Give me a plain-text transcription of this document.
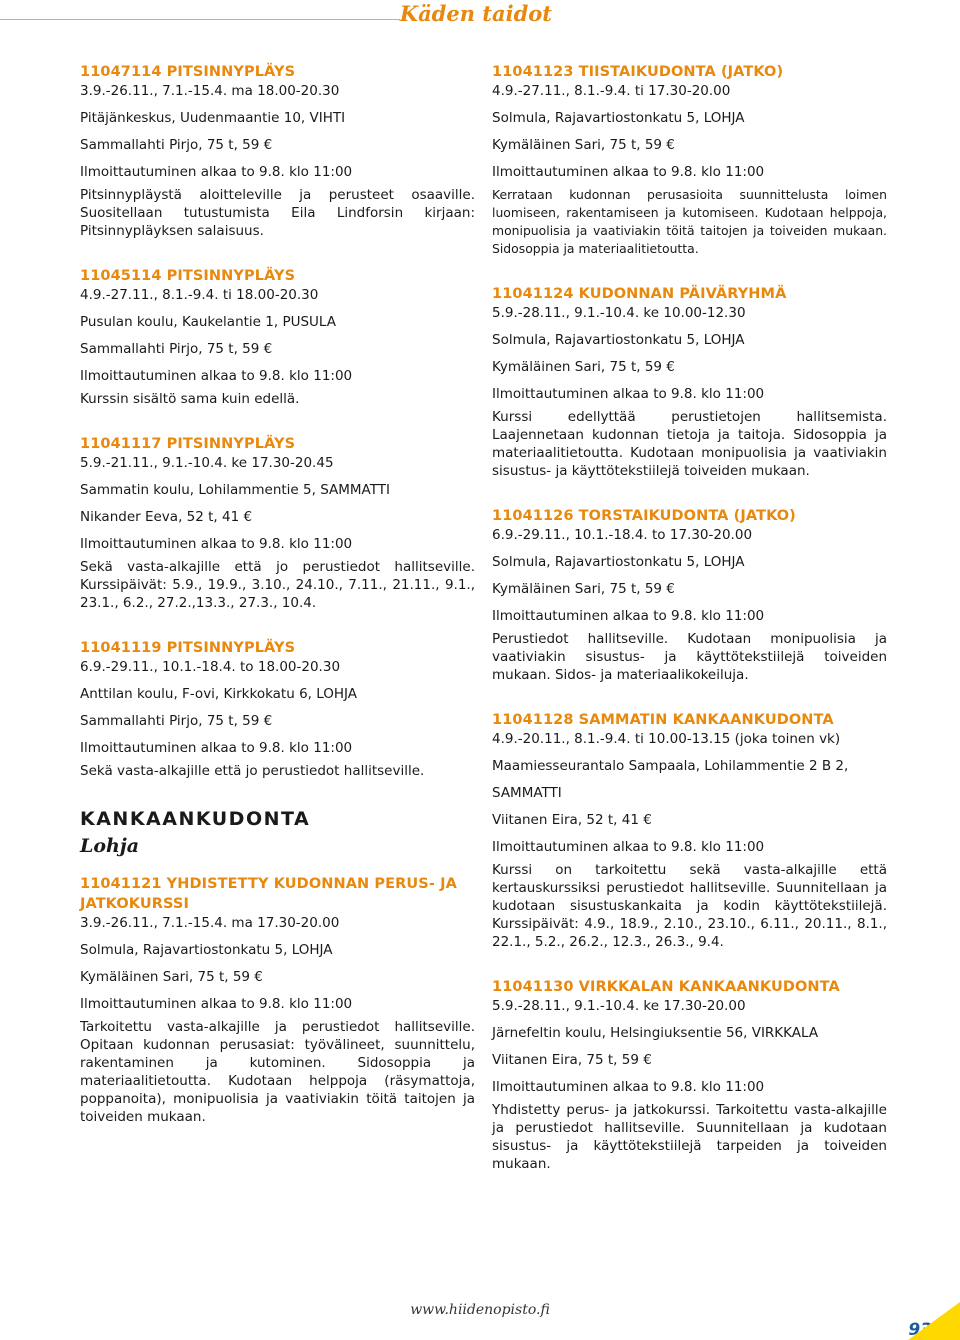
Käden taidot
11047114 PITSINNYPLÄYS
3.9.-26.11., 7.1.-15.4. ma 18.00-20.30
Pitäjänkeskus, Uudenmaantie 10, VIHTI
Sammallahti Pirjo, 75 t, 59 €
Ilmoittautuminen alkaa to 9.8. klo 11:00
Pitsinnypläystä aloitteleville ja perusteet osaaville. Suositellaan tutustumista Eila Lindforsin kirjaan: Pitsinnypläyksen salaisuus.
11045114 PITSINNYPLÄYS
4.9.-27.11., 8.1.-9.4. ti 18.00-20.30
Pusulan koulu, Kaukelantie 1, PUSULA
Sammallahti Pirjo, 75 t, 59 €
Ilmoittautuminen alkaa to 9.8. klo 11:00
Kurssin sisältö sama kuin edellä.
11041117 PITSINNYPLÄYS
5.9.-21.11., 9.1.-10.4. ke 17.30-20.45
Sammatin koulu, Lohilammentie 5, SAMMATTI
Nikander Eeva, 52 t, 41 €
Ilmoittautuminen alkaa to 9.8. klo 11:00
Sekä vasta-alkajille että jo perustiedot hallitseville. Kurssipäivät: 5.9., 19.9., 3.10., 24.10., 7.11., 21.11., 9.1., 23.1., 6.2., 27.2.,13.3., 27.3., 10.4.
11041119 PITSINNYPLÄYS
6.9.-29.11., 10.1.-18.4. to 18.00-20.30
Anttilan koulu, F-ovi, Kirkkokatu 6, LOHJA
Sammallahti Pirjo, 75 t, 59 €
Ilmoittautuminen alkaa to 9.8. klo 11:00
Sekä vasta-alkajille että jo perustiedot hallitseville.
KANKAANKUDONTA
Lohja
11041121 YHDISTETTY KUDONNAN PERUS- JA JATKOKURSSI
3.9.-26.11., 7.1.-15.4. ma 17.30-20.00
Solmula, Rajavartiostonkatu 5, LOHJA
Kymäläinen Sari, 75 t, 59 €
Ilmoittautuminen alkaa to 9.8. klo 11:00
Tarkoitettu vasta-alkajille ja perustiedot hallitseville. Opitaan kudonnan perusasiat: työvälineet, suunnittelu, rakentaminen ja kutominen. Sidosoppia ja materiaalitietoutta. Kudotaan helppoja (räsymattoja, poppanoita), monipuolisia ja vaativiakin töitä taitojen ja toiveiden mukaan.
11041123 TIISTAIKUDONTA (JATKO)
4.9.-27.11., 8.1.-9.4. ti 17.30-20.00
Solmula, Rajavartiostonkatu 5, LOHJA
Kymäläinen Sari, 75 t, 59 €
Ilmoittautuminen alkaa to 9.8. klo 11:00
Kerrataan kudonnan perusasioita suunnittelusta loimen luomiseen, rakentamiseen ja kutomiseen. Kudotaan helppoja, monipuolisia ja vaativiakin töitä taitojen ja toiveiden mukaan. Sidosoppia ja materiaalitietoutta.
11041124 KUDONNAN PÄIVÄRYHMÄ
5.9.-28.11., 9.1.-10.4. ke 10.00-12.30
Solmula, Rajavartiostonkatu 5, LOHJA
Kymäläinen Sari, 75 t, 59 €
Ilmoittautuminen alkaa to 9.8. klo 11:00
Kurssi edellyttää perustietojen hallitsemista. Laajennetaan kudonnan tietoja ja taitoja. Sidosoppia ja materiaalitietoutta. Kudotaan monipuolisia ja vaativiakin sisustus- ja käyttötekstiilejä toiveiden mukaan.
11041126 TORSTAIKUDONTA (JATKO)
6.9.-29.11., 10.1.-18.4. to 17.30-20.00
Solmula, Rajavartiostonkatu 5, LOHJA
Kymäläinen Sari, 75 t, 59 €
Ilmoittautuminen alkaa to 9.8. klo 11:00
Perustiedot hallitseville. Kudotaan monipuolisia ja vaativiakin sisustus- ja käyttötekstiilejä toiveiden mukaan. Sidos- ja materiaalikokeiluja.
11041128 SAMMATIN KANKAANKUDONTA
4.9.-20.11., 8.1.-9.4. ti 10.00-13.15 (joka toinen vk)
Maamiesseurantalo Sampaala, Lohilammentie 2 B 2,
SAMMATTI
Viitanen Eira, 52 t, 41 €
Ilmoittautuminen alkaa to 9.8. klo 11:00
Kurssi on tarkoitettu sekä vasta-alkajille että kertauskurssiksi perustiedot hallitseville. Suunnitellaan ja kudotaan sisustuskankaita ja kodin käyttötekstiilejä. Kurssipäivät: 4.9., 18.9., 2.10., 23.10., 6.11., 20.11., 8.1., 22.1., 5.2., 26.2., 12.3., 26.3., 9.4.
11041130 VIRKKALAN KANKAANKUDONTA
5.9.-28.11., 9.1.-10.4. ke 17.30-20.00
Järnefeltin koulu, Helsingiuksentie 56, VIRKKALA
Viitanen Eira, 75 t, 59 €
Ilmoittautuminen alkaa to 9.8. klo 11:00
Yhdistetty perus- ja jatkokurssi. Tarkoitettu vasta-alkajille ja perustiedot hallitseville. Suunnitellaan ja kudotaan sisustus- ja käyttötekstiilejä tarpeiden ja toiveiden mukaan.
www.hiidenopisto.fi
93
